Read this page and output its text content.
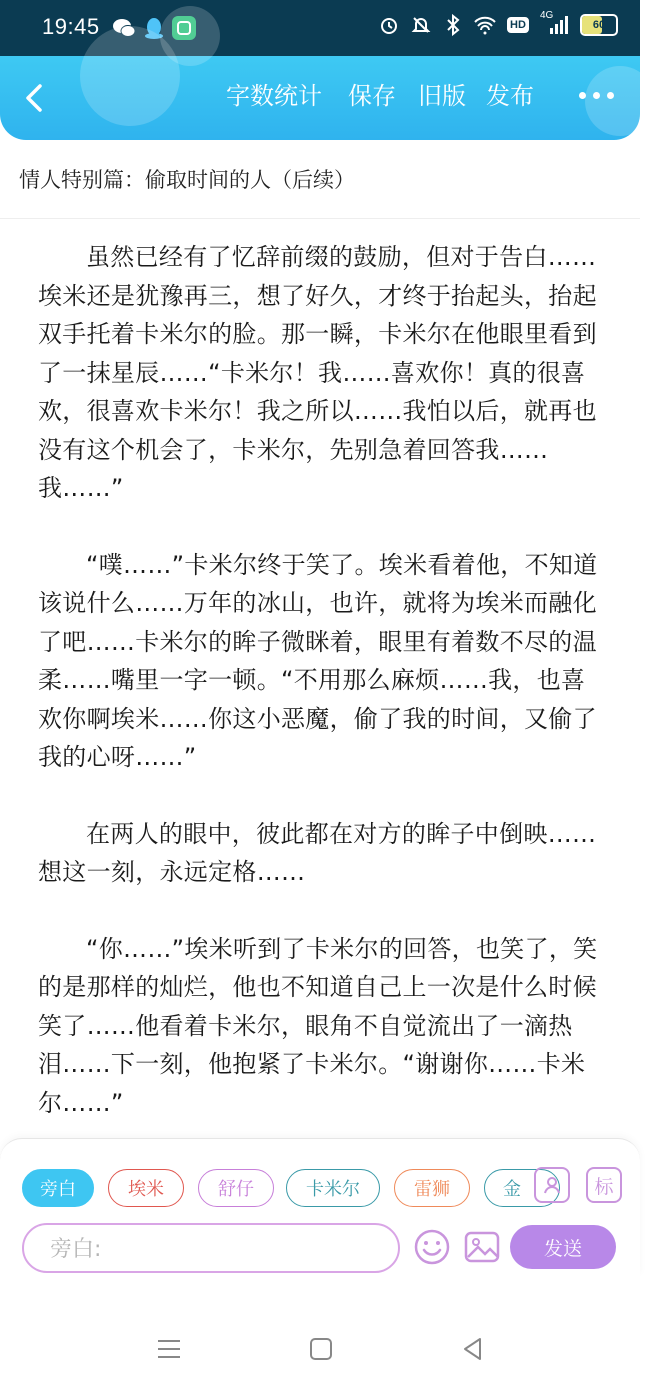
19:45	HD
4G
60
字数统计 保存 旧版 发布
情人特别篇：偷取时间的人（后续）

虽然已经有了忆辞前缀的鼓励，但对于告白……埃米还是犹豫再三，想了好久，才终于抬起头，抬起双手托着卡米尔的脸。那一瞬，卡米尔在他眼里看到了一抹星辰……“卡米尔！我……喜欢你！真的很喜欢，很喜欢卡米尔！我之所以……我怕以后，就再也没有这个机会了，卡米尔，先别急着回答我……我……”

“噗……”卡米尔终于笑了。埃米看着他，不知道该说什么……万年的冰山，也许，就将为埃米而融化了吧……卡米尔的眸子微眯着，眼里有着数不尽的温柔……嘴里一字一顿。“不用那么麻烦……我，也喜欢你啊埃米……你这小恶魔，偷了我的时间，又偷了我的心呀……”

在两人的眼中，彼此都在对方的眸子中倒映……想这一刻，永远定格……

“你……”埃米听到了卡米尔的回答，也笑了，笑的是那样的灿烂，他也不知道自己上一次是什么时候笑了……他看着卡米尔，眼角不自觉流出了一滴热泪……下一刻，他抱紧了卡米尔。“谢谢你……卡米尔……”

旁白	埃米	舒仔	卡米尔	雷狮	金	标
旁白:
发送
